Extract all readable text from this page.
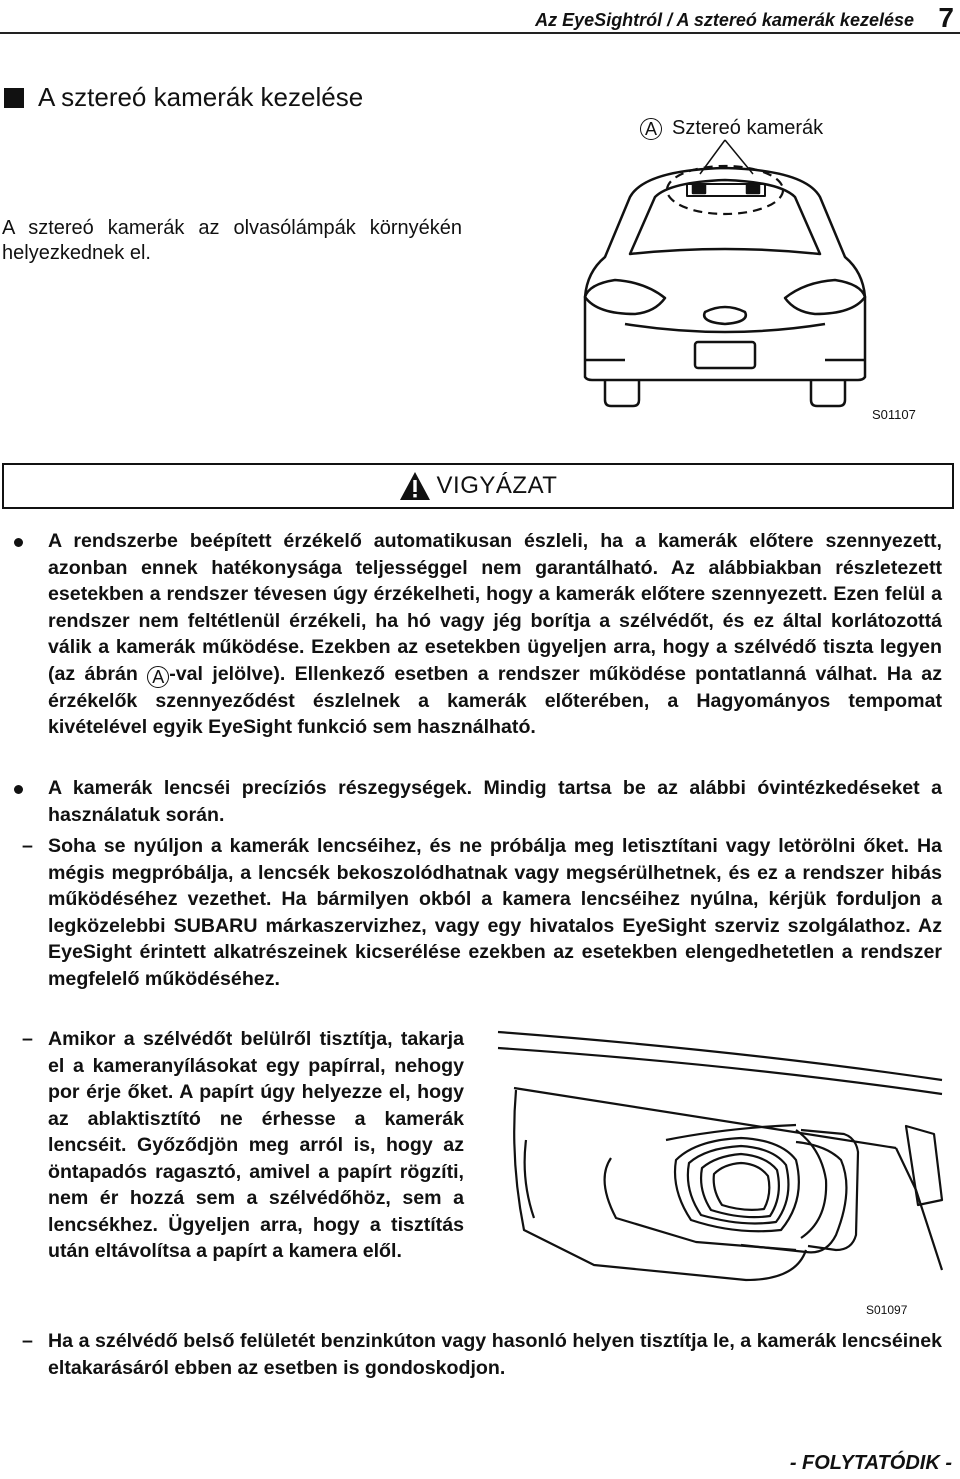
Az EyeSightról / A sztereó kamerák kezelése 7
A sztereó kamerák kezelése
A sztereó kamerák az olvasólámpák környékén helyezkednek el.
A Sztereó kamerák
S01107
VIGYÁZAT
A rendszerbe beépített érzékelő automatikusan észleli, ha a kamerák előtere szennyezett, azonban ennek hatékonysága teljességgel nem garantálható. Az alábbiakban részletezett esetekben a rendszer tévesen úgy érzékelheti, hogy a kamerák előtere szennyezett. Ezen felül a rendszer nem feltétlenül érzékeli, ha hó vagy jég borítja a szélvédőt, és ez által korlátozottá válik a kamerák működése. Ezekben az esetekben ügyeljen arra, hogy a szélvédő tiszta legyen (az ábrán A -val jelölve). Ellenkező esetben a rendszer működése pontatlanná válhat. Ha az érzékelők szennyeződést észlelnek a kamerák előterében, a Hagyományos tempomat kivételével egyik EyeSight funkció sem használható.
A kamerák lencséi precíziós részegységek. Mindig tartsa be az alábbi óvintézkedéseket a használatuk során.
– Soha se nyúljon a kamerák lencséihez, és ne próbálja meg letisztítani vagy letörölni őket. Ha mégis megpróbálja, a lencsék bekoszolódhatnak vagy megsérülhetnek, és ez a rendszer hibás működéséhez vezethet. Ha bármilyen okból a kamera lencséihez nyúlna, kérjük forduljon a legközelebbi SUBARU márkaszervizhez, vagy egy hivatalos EyeSight szerviz szolgálathoz. Az EyeSight érintett alkatrészeinek kicserélése ezekben az esetekben elengedhetetlen a rendszer megfelelő működéséhez.
– Amikor a szélvédőt belülről tisztítja, takarja el a kameranyílásokat egy papírral, nehogy por érje őket. A papírt úgy helyezze el, hogy az ablaktisztító ne érhesse a kamerák lencséit. Győződjön meg arról is, hogy az öntapadós ragasztó, amivel a papírt rögzíti, nem ér hozzá sem a szélvédőhöz, sem a lencsékhez. Ügyeljen arra, hogy a tisztítás után eltávolítsa a papírt a kamera elől.
S01097
– Ha a szélvédő belső felületét benzinkúton vagy hasonló helyen tisztítja le, a kamerák lencséinek eltakarásáról ebben az esetben is gondoskodjon.
- FOLYTATÓDIK -
